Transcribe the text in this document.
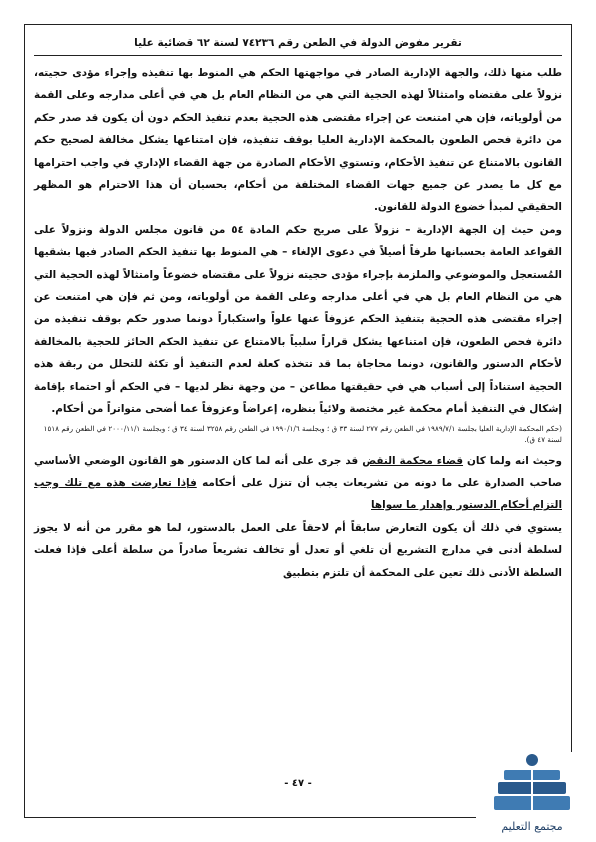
تقرير مفوض الدولة في الطعن رقم ٧٤٢٣٦ لسنة ٦٢ قضائية عليا

طلب منها ذلك، والجهة الإدارية الصادر في مواجهتها الحكم هي المنوط بها تنفيذه وإجراء مؤدى حجيته، نزولاً على مقتضاه وامتثالاً لهذه الحجية التي هي من النظام العام بل هي في أعلى مدارجه وعلى القمة من أولوياته، فإن هي امتنعت عن إجراء مقتضى هذه الحجية بعدم تنفيذ الحكم دون أن يكون قد صدر حكم من دائرة فحص الطعون بالمحكمة الإدارية العليا بوقف تنفيذه، فإن امتناعها يشكل مخالفة لصحيح حكم القانون بالامتناع عن تنفيذ الأحكام، وتستوي الأحكام الصادرة من جهة القضاء الإداري في واجب احترامها مع كل ما يصدر عن جميع جهات القضاء المختلفة من أحكام، بحسبان أن هذا الاحترام هو المظهر الحقيقي لمبدأ خضوع الدولة للقانون.

ومن حيث إن الجهة الإدارية – نزولاً على صريح حكم المادة ٥٤ من قانون مجلس الدولة ونزولاً على القواعد العامة بحسبانها طرفاً أصيلاً في دعوى الإلغاء – هي المنوط بها تنفيذ الحكم الصادر فيها بشقيها المُستعجل والموضوعي والملزمة بإجراء مؤدى حجيته نزولاً على مقتضاه خضوعاً وامتثالاً لهذه الحجية التي هي من النظام العام بل هي في أعلى مدارجه وعلى القمة من أولوياته، ومن ثم فإن هي امتنعت عن إجراء مقتضى هذه الحجية بتنفيذ الحكم عزوفاً عنها علواً واستكباراً دونما صدور حكم بوقف تنفيذه من دائرة فحص الطعون، فإن امتناعها يشكل قراراً سلبياً بالامتناع عن تنفيذ الحكم الحائز للحجية بالمخالفة لأحكام الدستور والقانون، دونما محاجاة بما قد تتخذه كعلة لعدم التنفيذ أو تكئة للتحلل من ربقة هذه الحجية استناداً إلى أسباب هي في حقيقتها مطاعن – من وجهة نظر لديها – في الحكم أو احتماء بإقامة إشكال في التنفيذ أمام محكمة غير مختصة ولائياً بنظره، إعراضاً وعزوفاً عما أضحى متواتراً من أحكام.

(حكم المحكمة الإدارية العليا بجلسة ١٩٨٩/٧/١ في الطعن رقم ٢٧٧ لسنة ٣٣ ق ؛ وبجلسة ١٩٩٠/١/٦ في الطعن رقم ٣٢٥٨ لسنة ٣٤ ق ؛ وبجلسة ٢٠٠٠/١١/١ في الطعن رقم ١٥١٨ لسنة ٤٧ ق).

وحيث انه ولما كان قضاء محكمة النقض قد جرى على أنه لما كان الدستور هو القانون الوضعي الأساسي صاحب الصدارة على ما دونه من تشريعات يجب أن تنزل على أحكامه فإذا تعارضت هذه مع تلك وجب التزام أحكام الدستور وإهدار ما سواها

يستوي في ذلك أن يكون التعارض سابقاً أم لاحقاً على العمل بالدستور، لما هو مقرر من أنه لا يجوز لسلطة أدنى في مدارج التشريع أن تلغي أو تعدل أو تخالف تشريعاً صادراً من سلطة أعلى فإذا فعلت السلطة الأدنى ذلك تعين على المحكمة أن تلتزم بتطبيق

- ٤٧ -
مجتمع التعليم
